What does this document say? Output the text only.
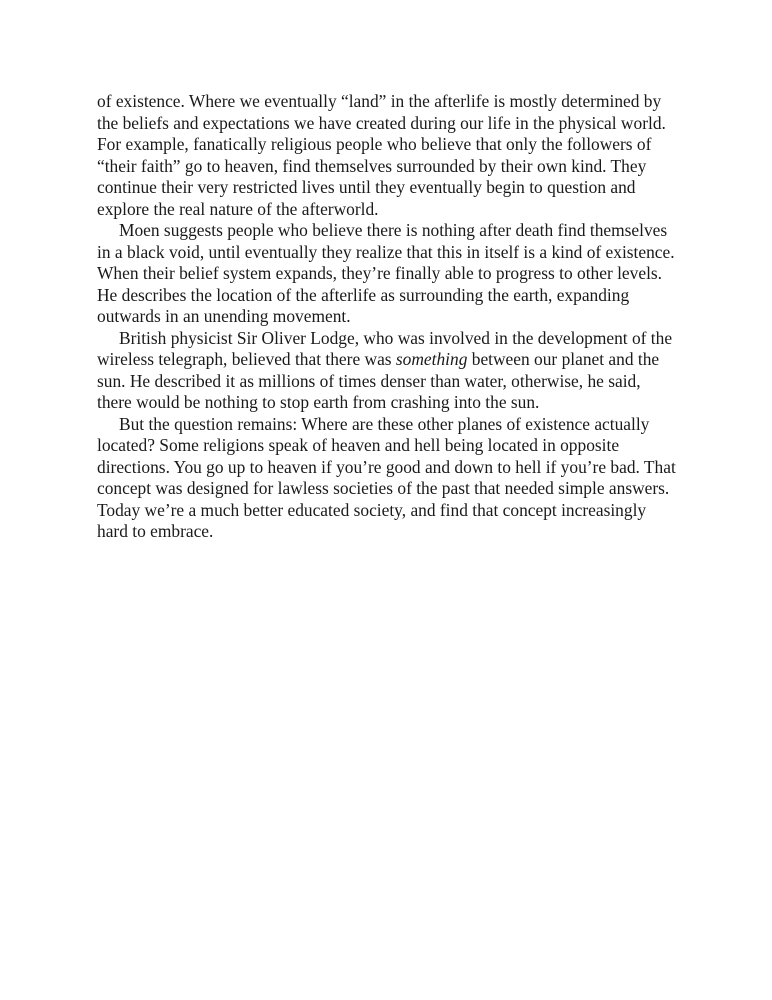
of existence. Where we eventually “land” in the afterlife is mostly determined by the beliefs and expectations we have created during our life in the physical world. For example, fanatically religious people who believe that only the followers of “their faith” go to heaven, find themselves surrounded by their own kind. They continue their very restricted lives until they eventually begin to question and explore the real nature of the afterworld.

Moen suggests people who believe there is nothing after death find themselves in a black void, until eventually they realize that this in itself is a kind of existence. When their belief system expands, they’re finally able to progress to other levels. He describes the location of the afterlife as surrounding the earth, expanding outwards in an unending movement.

British physicist Sir Oliver Lodge, who was involved in the development of the wireless telegraph, believed that there was something between our planet and the sun. He described it as millions of times denser than water, otherwise, he said, there would be nothing to stop earth from crashing into the sun.

But the question remains: Where are these other planes of existence actually located? Some religions speak of heaven and hell being located in opposite directions. You go up to heaven if you’re good and down to hell if you’re bad. That concept was designed for lawless societies of the past that needed simple answers. Today we’re a much better educated society, and find that concept increasingly hard to embrace.
